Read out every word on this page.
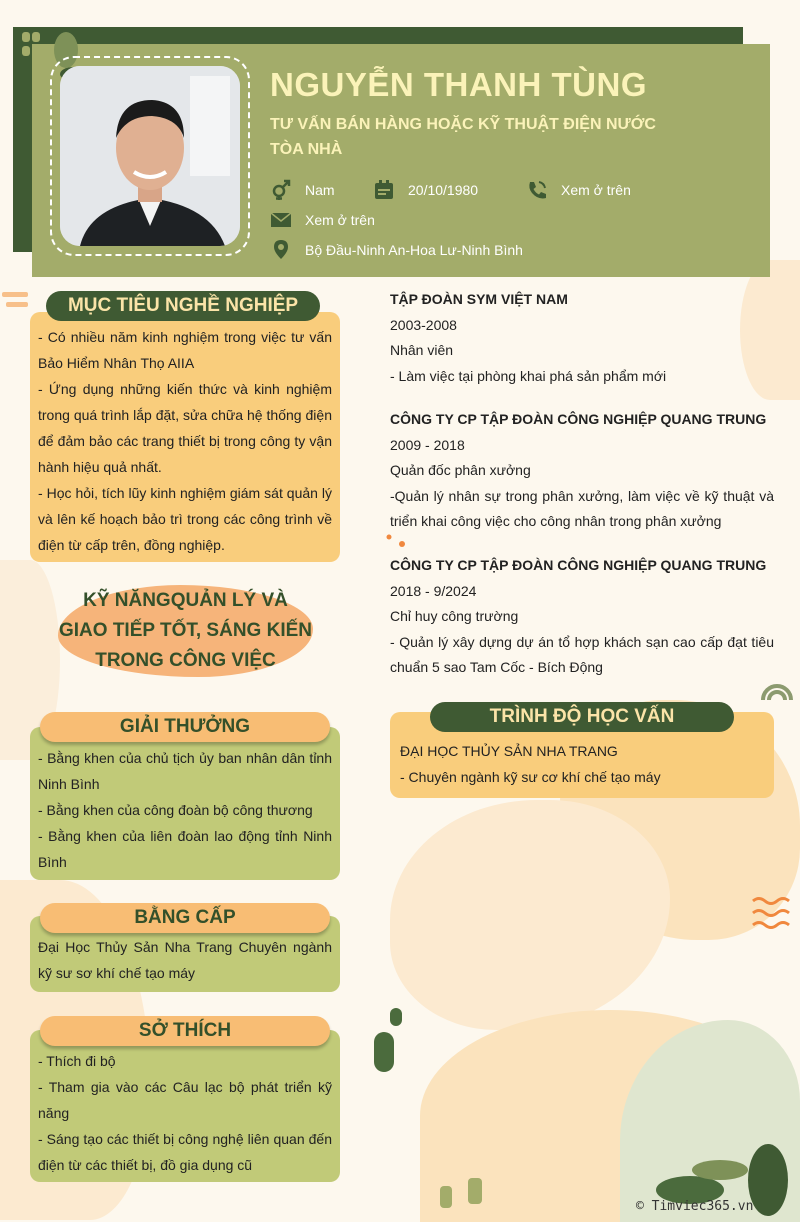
NGUYỄN THANH TÙNG
TƯ VẤN BÁN HÀNG HOẶC KỸ THUẬT ĐIỆN NƯỚC TÒA NHÀ
Nam	20/10/1980	Xem ở trên
Xem ở trên
Bộ Đầu-Ninh An-Hoa Lư-Ninh Bình

- Có nhiều năm kinh nghiệm trong việc tư vấn Bảo Hiểm Nhân Thọ AIIA

- Ứng dụng những kiến thức và kinh nghiệm trong quá trình lắp đặt, sửa chữa hệ thống điện để đảm bảo các trang thiết bị trong công ty vận hành hiệu quả nhất.

- Học hỏi, tích lũy kinh nghiệm giám sát quản lý và lên kế hoạch bảo trì trong các công trình về điện từ cấp trên, đồng nghiệp.

MỤC TIÊU NGHỀ NGHIỆP
KỸ NĂNGQUẢN LÝ VÀ GIAO TIẾP TỐT, SÁNG KIẾN TRONG CÔNG VIỆC

- Bằng khen của chủ tịch ủy ban nhân dân tỉnh Ninh Bình

- Bằng khen của công đoàn bộ công thương

- Bằng khen của liên đoàn lao động tỉnh Ninh Bình

GIẢI THƯỞNG

Đại Học Thủy Sản Nha Trang Chuyên ngành kỹ sư sơ khí chế tạo máy

BẰNG CẤP

- Thích đi bộ

- Tham gia vào các Câu lạc bộ phát triển kỹ năng

- Sáng tạo các thiết bị công nghệ liên quan đến điện từ các thiết bị, đồ gia dụng cũ

SỞ THÍCH
TẬP ĐOÀN SYM VIỆT NAM
2003-2008
Nhân viên
- Làm việc tại phòng khai phá sản phẩm mới
CÔNG TY CP TẬP ĐOÀN CÔNG NGHIỆP QUANG TRUNG
2009 - 2018
Quản đốc phân xưởng
-Quản lý nhân sự trong phân xưởng, làm việc về kỹ thuật và triển khai công việc cho công nhân trong phân xưởng
CÔNG TY CP TẬP ĐOÀN CÔNG NGHIỆP QUANG TRUNG
2018 - 9/2024
Chỉ huy công trường
- Quản lý xây dựng dự án tổ hợp khách sạn cao cấp đạt tiêu chuẩn 5 sao Tam Cốc - Bích Động
ĐẠI HỌC THỦY SẢN NHA TRANG
- Chuyên ngành kỹ sư cơ khí chế tạo máy
TRÌNH ĐỘ HỌC VẤN
© Timviec365.vn
